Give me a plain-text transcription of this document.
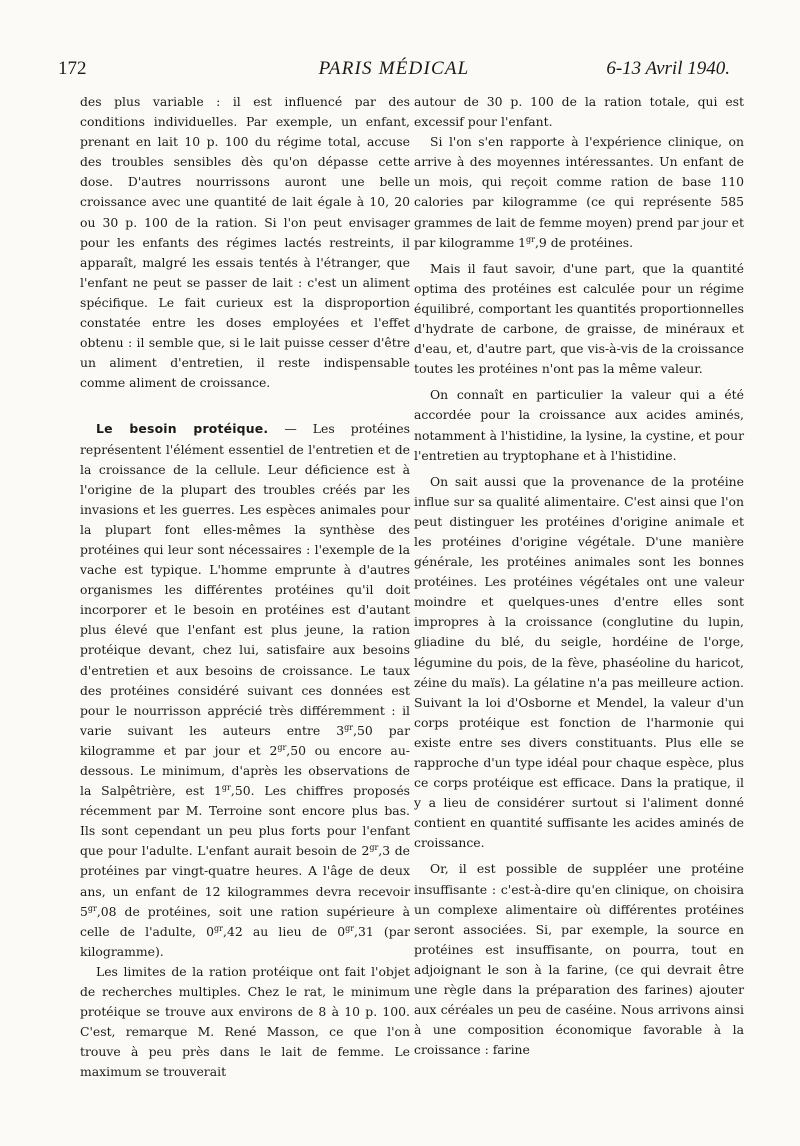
172	PARIS MÉDICAL	6-13 Avril 1940.

des plus variable : il est influencé par des conditions individuelles. Par exemple, un enfant, prenant en lait 10 p. 100 du régime total, accuse des troubles sensibles dès qu'on dépasse cette dose. D'autres nourrissons auront une belle croissance avec une quantité de lait égale à 10, 20 ou 30 p. 100 de la ration. Si l'on peut envisager pour les enfants des régimes lactés restreints, il apparaît, malgré les essais tentés à l'étranger, que l'enfant ne peut se passer de lait : c'est un aliment spécifique. Le fait curieux est la disproportion constatée entre les doses employées et l'effet obtenu : il semble que, si le lait puisse cesser d'être un aliment d'entretien, il reste indispensable comme aliment de croissance.

Le besoin protéique. — Les protéines représentent l'élément essentiel de l'entretien et de la croissance de la cellule. Leur déficience est à l'origine de la plupart des troubles créés par les invasions et les guerres. Les espèces animales pour la plupart font elles-mêmes la synthèse des protéines qui leur sont nécessaires : l'exemple de la vache est typique. L'homme emprunte à d'autres organismes les différentes protéines qu'il doit incorporer et le besoin en protéines est d'autant plus élevé que l'enfant est plus jeune, la ration protéique devant, chez lui, satisfaire aux besoins d'entretien et aux besoins de croissance. Le taux des protéines considéré suivant ces données est pour le nourrisson apprécié très différemment : il varie suivant les auteurs entre $3^{gr},50$ par kilogramme et par jour et $2^{gr},50$ ou encore au-dessous. Le minimum, d'après les observations de la Salpêtrière, est $1^{gr},50$. Les chiffres proposés récemment par M. Terroine sont encore plus bas. Ils sont cependant un peu plus forts pour l'enfant que pour l'adulte. L'enfant aurait besoin de $2^{gr},3$ de protéines par vingt-quatre heures. A l'âge de deux ans, un enfant de 12 kilogrammes devra recevoir $5^{gr},08$ de protéines, soit une ration supérieure à celle de l'adulte, $0^{gr},42$ au lieu de $0^{gr},31$ (par kilogramme).

Les limites de la ration protéique ont fait l'objet de recherches multiples. Chez le rat, le minimum protéique se trouve aux environs de 8 à 10 p. 100. C'est, remarque M. René Masson, ce que l'on trouve à peu près dans le lait de femme. Le maximum se trouverait

autour de 30 p. 100 de la ration totale, qui est excessif pour l'enfant.

Si l'on s'en rapporte à l'expérience clinique, on arrive à des moyennes intéressantes. Un enfant de un mois, qui reçoit comme ration de base 110 calories par kilogramme (ce qui représente 585 grammes de lait de femme moyen) prend par jour et par kilogramme $1^{gr},9$ de protéines.

Mais il faut savoir, d'une part, que la quantité optima des protéines est calculée pour un régime équilibré, comportant les quantités proportionnelles d'hydrate de carbone, de graisse, de minéraux et d'eau, et, d'autre part, que vis-à-vis de la croissance toutes les protéines n'ont pas la même valeur.

On connaît en particulier la valeur qui a été accordée pour la croissance aux acides aminés, notamment à l'histidine, la lysine, la cystine, et pour l'entretien au tryptophane et à l'histidine.

On sait aussi que la provenance de la protéine influe sur sa qualité alimentaire. C'est ainsi que l'on peut distinguer les protéines d'origine animale et les protéines d'origine végétale. D'une manière générale, les protéines animales sont les bonnes protéines. Les protéines végétales ont une valeur moindre et quelques-unes d'entre elles sont impropres à la croissance (conglutine du lupin, gliadine du blé, du seigle, hordéine de l'orge, légumine du pois, de la fève, phaséoline du haricot, zéine du maïs). La gélatine n'a pas meilleure action. Suivant la loi d'Osborne et Mendel, la valeur d'un corps protéique est fonction de l'harmonie qui existe entre ses divers constituants. Plus elle se rapproche d'un type idéal pour chaque espèce, plus ce corps protéique est efficace. Dans la pratique, il y a lieu de considérer surtout si l'aliment donné contient en quantité suffisante les acides aminés de croissance.

Or, il est possible de suppléer une protéine insuffisante : c'est-à-dire qu'en clinique, on choisira un complexe alimentaire où différentes protéines seront associées. Si, par exemple, la source en protéines est insuffisante, on pourra, tout en adjoignant le son à la farine, (ce qui devrait être une règle dans la préparation des farines) ajouter aux céréales un peu de caséine. Nous arrivons ainsi à une composition économique favorable à la croissance : farine
